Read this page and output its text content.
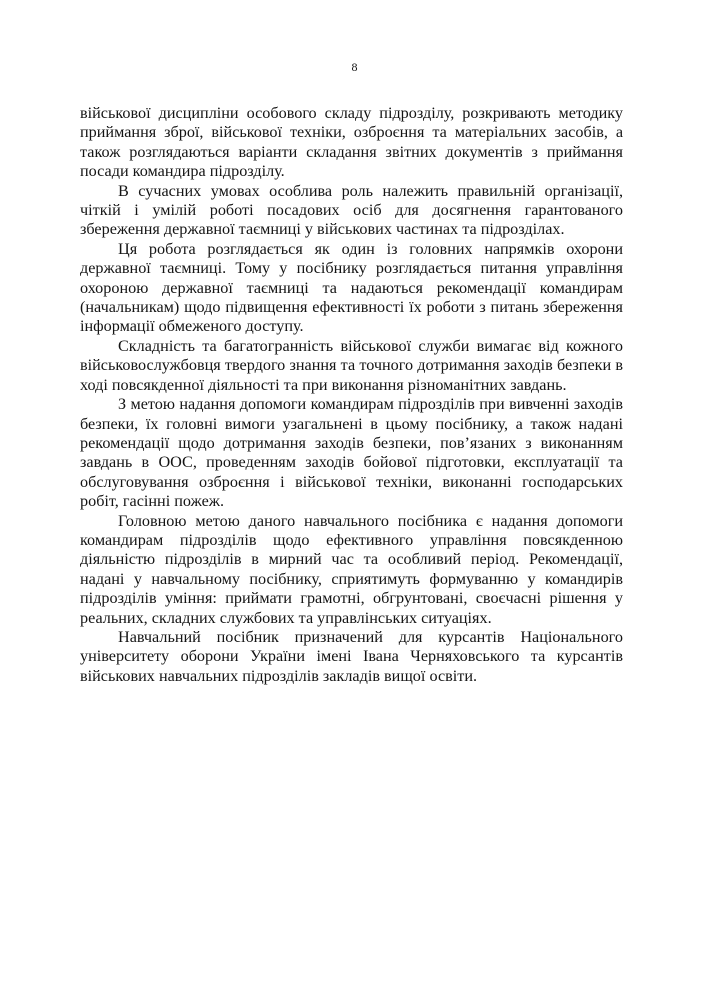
8

військової дисципліни особового складу підрозділу, розкривають методику приймання зброї, військової техніки, озброєння та матеріальних засобів, а також розглядаються варіанти складання звітних документів з приймання посади командира підрозділу.

В сучасних умовах особлива роль належить правильній організації, чіткій і умілій роботі посадових осіб для досягнення гарантованого збереження державної таємниці у військових частинах та підрозділах.

Ця робота розглядається як один із головних напрямків охорони державної таємниці. Тому у посібнику розглядається питання управління охороною державної таємниці та надаються рекомендації командирам (начальникам) щодо підвищення ефективності їх роботи з питань збереження інформації обмеженого доступу.

Складність та багатогранність військової служби вимагає від кожного військовослужбовця твердого знання та точного дотримання заходів безпеки в ході повсякденної діяльності та при виконання різноманітних завдань.

З метою надання допомоги командирам підрозділів при вивченні заходів безпеки, їх головні вимоги узагальнені в цьому посібнику, а також надані рекомендації щодо дотримання заходів безпеки, пов’язаних з виконанням завдань в ООС, проведенням заходів бойової підготовки, експлуатації та обслуговування озброєння і військової техніки, виконанні господарських робіт, гасінні пожеж.

Головною метою даного навчального посібника є надання допомоги командирам підрозділів щодо ефективного управління повсякденною діяльністю підрозділів в мирний час та особливий період. Рекомендації, надані у навчальному посібнику, сприятимуть формуванню у командирів підрозділів уміння: приймати грамотні, обгрунтовані, своєчасні рішення у реальних, складних службових та управлінських ситуаціях.

Навчальний посібник призначений для курсантів Національного університету оборони України імені Івана Черняховського та курсантів військових навчальних підрозділів закладів вищої освіти.
